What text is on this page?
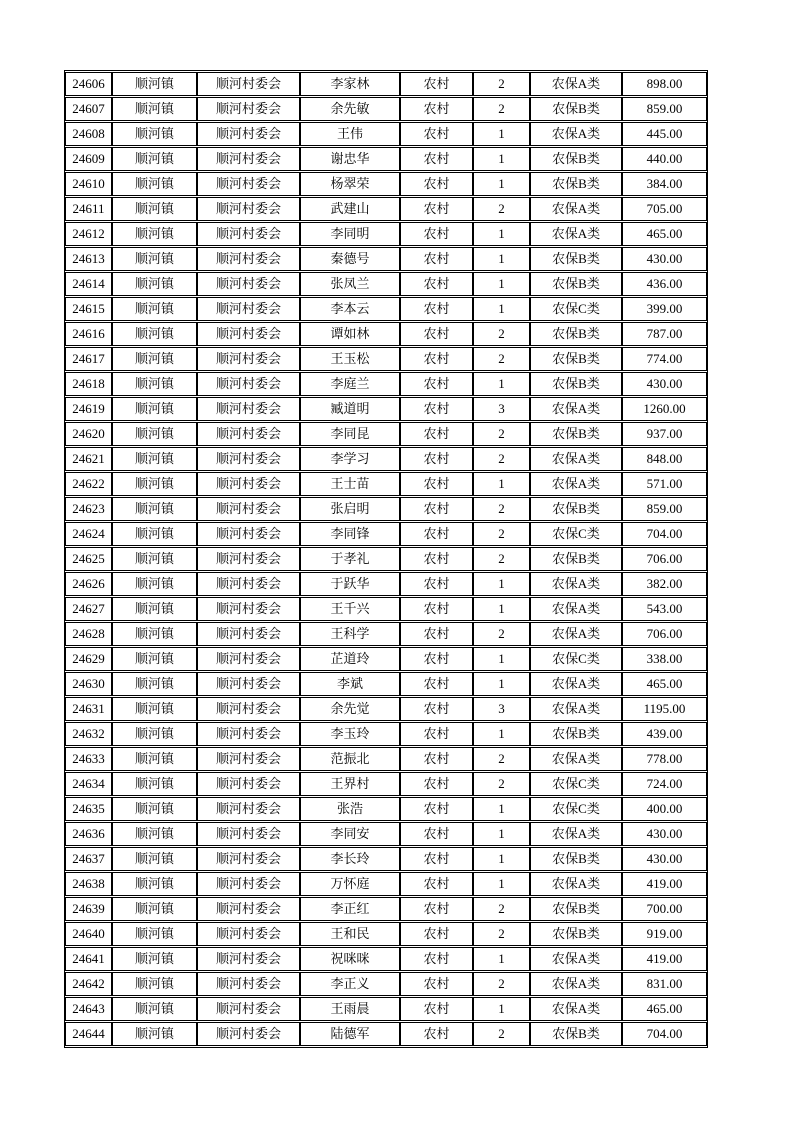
24606	顺河镇	顺河村委会	李家林	农村	2	农保A类	898.00
24607	顺河镇	顺河村委会	余先敏	农村	2	农保B类	859.00
24608	顺河镇	顺河村委会	王伟	农村	1	农保A类	445.00
24609	顺河镇	顺河村委会	谢忠华	农村	1	农保B类	440.00
24610	顺河镇	顺河村委会	杨翠荣	农村	1	农保B类	384.00
24611	顺河镇	顺河村委会	武建山	农村	2	农保A类	705.00
24612	顺河镇	顺河村委会	李同明	农村	1	农保A类	465.00
24613	顺河镇	顺河村委会	秦德号	农村	1	农保B类	430.00
24614	顺河镇	顺河村委会	张凤兰	农村	1	农保B类	436.00
24615	顺河镇	顺河村委会	李本云	农村	1	农保C类	399.00
24616	顺河镇	顺河村委会	谭如林	农村	2	农保B类	787.00
24617	顺河镇	顺河村委会	王玉松	农村	2	农保B类	774.00
24618	顺河镇	顺河村委会	李庭兰	农村	1	农保B类	430.00
24619	顺河镇	顺河村委会	臧道明	农村	3	农保A类	1260.00
24620	顺河镇	顺河村委会	李同昆	农村	2	农保B类	937.00
24621	顺河镇	顺河村委会	李学习	农村	2	农保A类	848.00
24622	顺河镇	顺河村委会	王士苗	农村	1	农保A类	571.00
24623	顺河镇	顺河村委会	张启明	农村	2	农保B类	859.00
24624	顺河镇	顺河村委会	李同锋	农村	2	农保C类	704.00
24625	顺河镇	顺河村委会	于孝礼	农村	2	农保B类	706.00
24626	顺河镇	顺河村委会	于跃华	农村	1	农保A类	382.00
24627	顺河镇	顺河村委会	王千兴	农村	1	农保A类	543.00
24628	顺河镇	顺河村委会	王科学	农村	2	农保A类	706.00
24629	顺河镇	顺河村委会	芷道玲	农村	1	农保C类	338.00
24630	顺河镇	顺河村委会	李斌	农村	1	农保A类	465.00
24631	顺河镇	顺河村委会	余先觉	农村	3	农保A类	1195.00
24632	顺河镇	顺河村委会	李玉玲	农村	1	农保B类	439.00
24633	顺河镇	顺河村委会	范振北	农村	2	农保A类	778.00
24634	顺河镇	顺河村委会	王界村	农村	2	农保C类	724.00
24635	顺河镇	顺河村委会	张浩	农村	1	农保C类	400.00
24636	顺河镇	顺河村委会	李同安	农村	1	农保A类	430.00
24637	顺河镇	顺河村委会	李长玲	农村	1	农保B类	430.00
24638	顺河镇	顺河村委会	万怀庭	农村	1	农保A类	419.00
24639	顺河镇	顺河村委会	李正红	农村	2	农保B类	700.00
24640	顺河镇	顺河村委会	王和民	农村	2	农保B类	919.00
24641	顺河镇	顺河村委会	祝咪咪	农村	1	农保A类	419.00
24642	顺河镇	顺河村委会	李正义	农村	2	农保A类	831.00
24643	顺河镇	顺河村委会	王雨晨	农村	1	农保A类	465.00
24644	顺河镇	顺河村委会	陆德军	农村	2	农保B类	704.00
